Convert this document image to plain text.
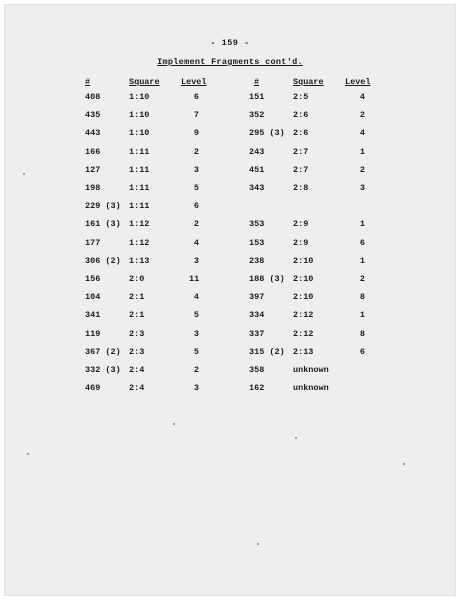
- 159 -
Implement Fragments cont'd.
#	Square	Level	#	Square	Level
408	1:10	6	151	2:5	4
435	1:10	7	352	2:6	2
443	1:10	9	295 (3) 2:6	4
166	1:11	2	243	2:7	1
127	1:11	3	451	2:7	2
198	1:11	5	343	2:8	3
229 (3) 1:11	6
161 (3) 1:12	2	353	2:9	1
177	1:12	4	153	2:9	6
306 (2) 1:13	3	238	2:10	1
156	2:0	11	188 (3) 2:10	2
104	2:1	4	397	2:10	8
341	2:1	5	334	2:12	1
119	2:3	3	337	2:12	8
367 (2) 2:3	5	315 (2) 2:13	6
332 (3) 2:4	2	358	unknown
469	2:4	3	162	unknown
